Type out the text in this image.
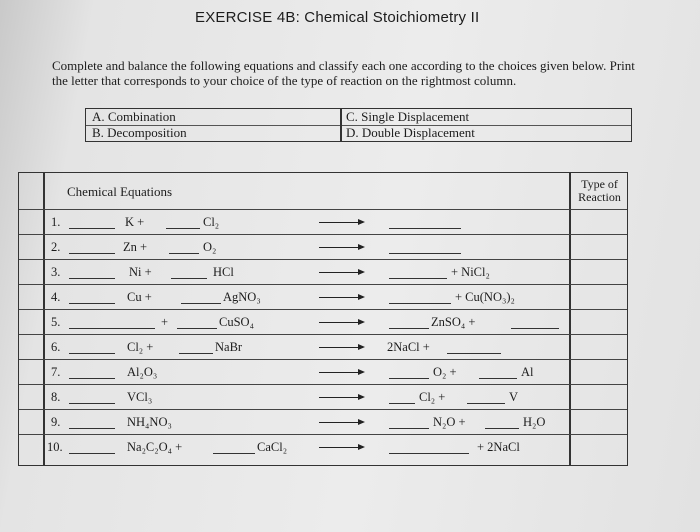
EXERCISE 4B: Chemical Stoichiometry II
Complete and balance the following equations and classify each one according to the choices given below. Print the letter that corresponds to your choice of the type of reaction on the rightmost column.
A. Combination
B. Decomposition
C. Single Displacement
D. Double Displacement
Chemical Equations	Type of Reaction
1.	K +	Cl₂
2.	Zn +	O₂
3.	Ni +	HCl	+ NiCl₂
4.	Cu +	AgNO₃	+ Cu(NO₃)₂
5.	+	CuSO₄	ZnSO₄ +
6.	Cl₂ +	NaBr	2NaCl +
7.	Al₂O₃	O₂ +	Al
8.	VCl₃	Cl₂ +	V
9.	NH₄NO₃	N₂O +	H₂O
10.	Na₂C₂O₄ +	CaCl₂	+ 2NaCl
